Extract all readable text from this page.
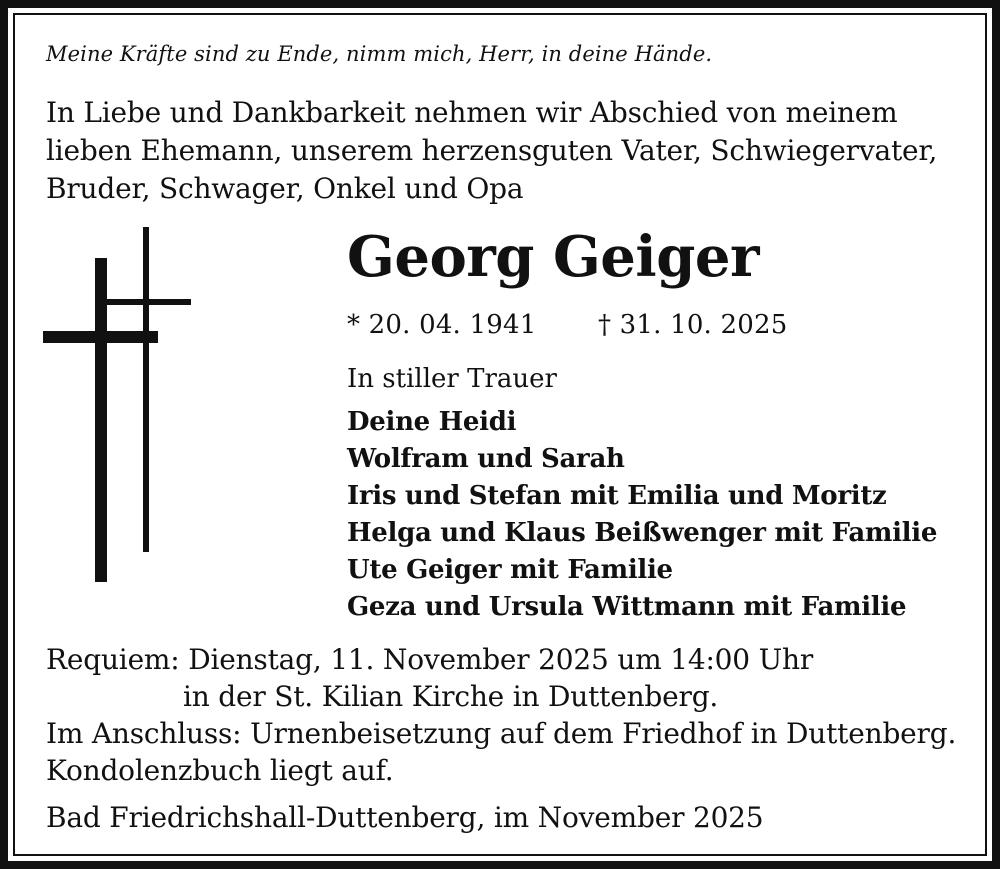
Meine Kräfte sind zu Ende, nimm mich, Herr, in deine Hände.

In Liebe und Dankbarkeit nehmen wir Abschied von meinem
lieben Ehemann, unserem herzensguten Vater, Schwiegervater,
Bruder, Schwager, Onkel und Opa

Georg Geiger

* 20. 04. 1941 † 31. 10. 2025

In stiller Trauer

Deine Heidi
Wolfram und Sarah
Iris und Stefan mit Emilia und Moritz
Helga und Klaus Beißwenger mit Familie
Ute Geiger mit Familie
Geza und Ursula Wittmann mit Familie

Requiem: Dienstag, 11. November 2025 um 14:00 Uhr
in der St. Kilian Kirche in Duttenberg.
Im Anschluss: Urnenbeisetzung auf dem Friedhof in Duttenberg.
Kondolenzbuch liegt auf.

Bad Friedrichshall-Duttenberg, im November 2025
